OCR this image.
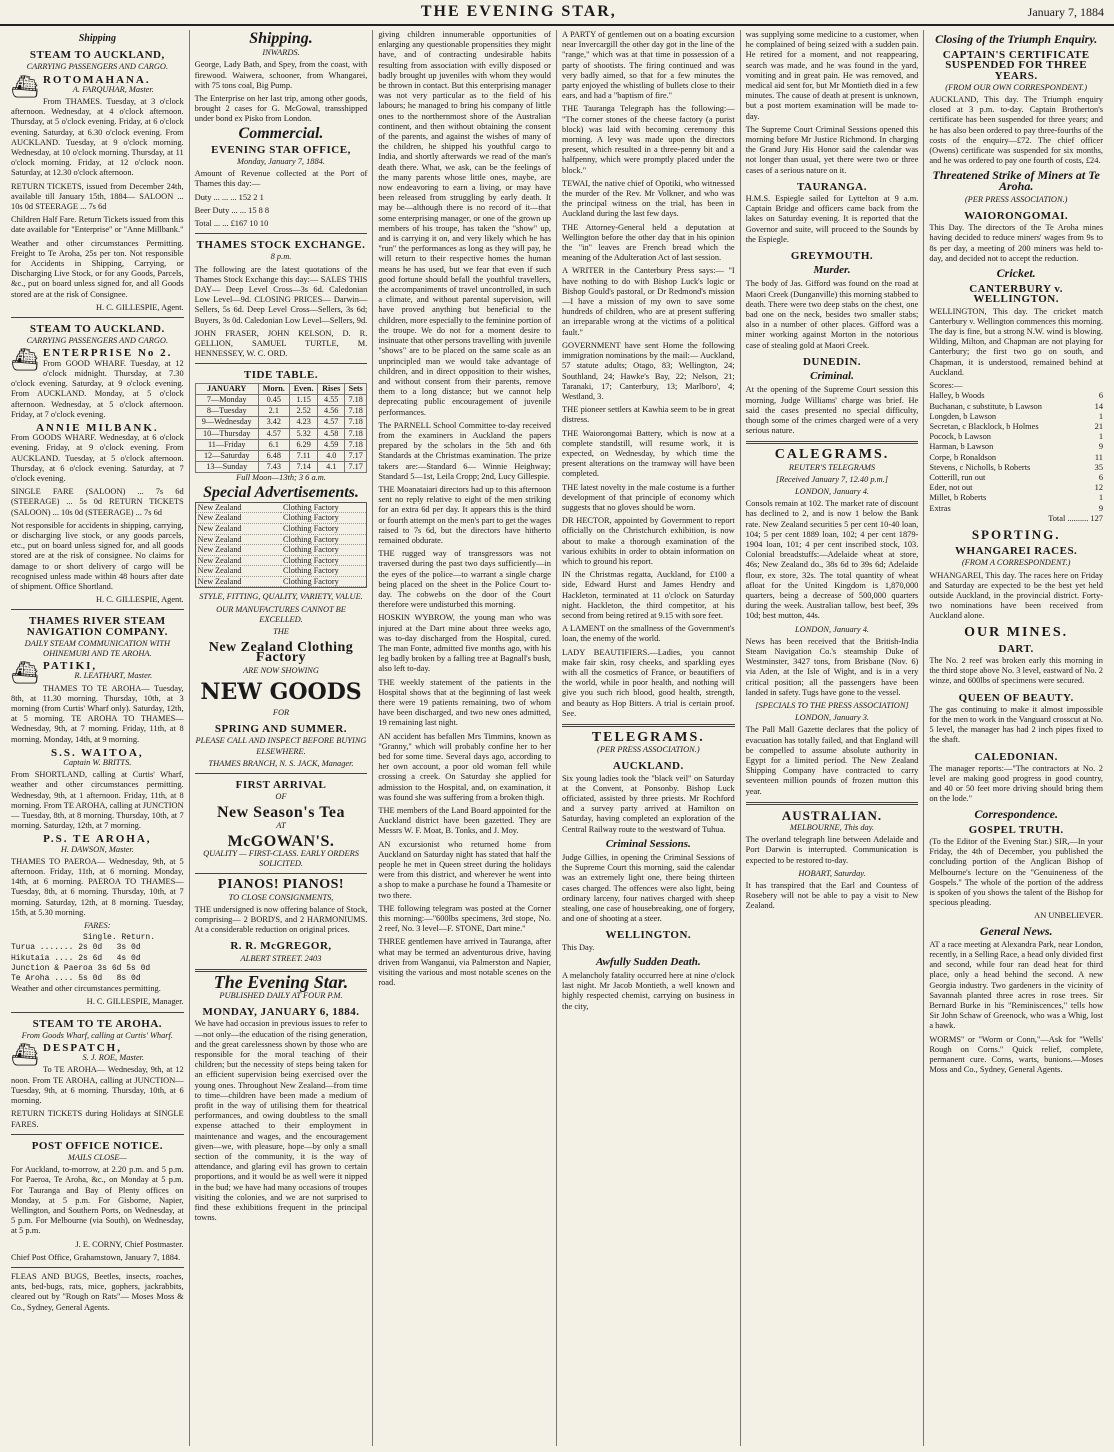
THE EVENING STAR,	January 7, 1884
Shipping
STEAM TO AUCKLAND,
CARRYING PASSENGERS AND CARGO.
⛴ ROTOMAHANA.
A. FARQUHAR, Master.

From THAMES. Tuesday, at 3 o'clock afternoon. Wednesday, at 4 o'clock afternoon. Thursday, at 5 o'clock evening. Friday, at 6 o'clock evening. Saturday, at 6.30 o'clock evening. From AUCKLAND. Tuesday, at 9 o'clock morning. Wednesday, at 10 o'clock morning. Thursday, at 11 o'clock morning. Friday, at 12 o'clock noon. Saturday, at 12.30 o'clock afternoon.

RETURN TICKETS, issued from December 24th, available till January 15th, 1884— SALOON ... 10s 0d STEERAGE ... 7s 6d

Children Half Fare. Return Tickets issued from this date available for "Enterprise" or "Anne Millbank."

Weather and other circumstances Permitting. Freight to Te Aroha, 25s per ton. Not responsible for Accidents in Shipping, Carrying, or Discharging Live Stock, or for any Goods, Parcels, &c., put on board unless signed for, and all Goods stored are at the risk of Consignee.

H. C. GILLESPIE, Agent.

STEAM TO AUCKLAND.
CARRYING PASSENGERS AND CARGO.
⛴ ENTERPRISE No 2.

From GOOD WHARF. Tuesday, at 12 o'clock midnight. Thursday, at 7.30 o'clock evening. Saturday, at 9 o'clock evening. From AUCKLAND. Monday, at 5 o'clock afternoon. Wednesday, at 5 o'clock afternoon. Friday, at 7 o'clock evening.

ANNIE MILBANK.

From GOODS WHARF. Wednesday, at 6 o'clock evening. Friday, at 9 o'clock evening. From AUCKLAND. Tuesday, at 5 o'clock afternoon. Thursday, at 6 o'clock evening. Saturday, at 7 o'clock evening.

SINGLE FARE (SALOON) ... 7s 6d (STEERAGE) ... 5s 0d RETURN TICKETS (SALOON) ... 10s 0d (STEERAGE) ... 7s 6d

Not responsible for accidents in shipping, carrying, or discharging live stock, or any goods parcels, etc., put on board unless signed for, and all goods stored are at the risk of consignee. No claims for damage to or short delivery of cargo will be recognised unless made within 48 hours after date of shipment. Office Shortland.

H. C. GILLESPIE, Agent.

THAMES RIVER STEAM NAVIGATION COMPANY.
DAILY STEAM COMMUNICATION WITH OHINEMURI AND TE AROHA.
⛴ PATIKI,
R. LEATHART, Master.

THAMES TO TE AROHA— Tuesday, 8th, at 11.30 morning. Thursday, 10th, at 3 morning (from Curtis' Wharf only). Saturday, 12th, at 5 morning. TE AROHA TO THAMES— Wednesday, 9th, at 7 morning. Friday, 11th, at 8 morning. Monday, 14th, at 9 morning.

S.S. WAITOA,
Captain W. BRITTS.

From SHORTLAND, calling at Curtis' Wharf, weather and other circumstances permitting. Wednesday, 9th, at 1 afternoon. Friday, 11th, at 8 morning. From TE AROHA, calling at JUNCTION— Tuesday, 8th, at 8 morning. Thursday, 10th, at 7 morning. Saturday, 12th, at 7 morning.

P.S. TE AROHA,
H. DAWSON, Master.

THAMES TO PAEROA— Wednesday, 9th, at 5 afternoon. Friday, 11th, at 6 morning. Monday, 14th, at 6 morning. PAEROA TO THAMES— Tuesday, 8th, at 6 morning. Thursday, 10th, at 7 morning. Saturday, 12th, at 8 morning. Tuesday, 15th, at 5.30 morning.

FARES:
Single. Return.
Turuа ....... 2s 0d   3s 0d
Hikutaia .... 2s 6d   4s 0d
Junction & Paeroa 3s 6d 5s 0d
Te Aroha .... 5s 0d   8s 0d

Weather and other circumstances permitting.

H. C. GILLESPIE, Manager.

STEAM TO TE AROHA.
From Goods Wharf, calling at Curtis' Wharf.
⛴ DESPATCH,
S. J. ROE, Master.

To TE AROHA— Wednesday, 9th, at 12 noon. From TE AROHA, calling at JUNCTION— Tuesday, 9th, at 6 morning. Thursday, 10th, at 6 morning.

RETURN TICKETS during Holidays at SINGLE FARES.

POST OFFICE NOTICE.
MAILS CLOSE—

For Auckland, to-morrow, at 2.20 p.m. and 5 p.m. For Paeroa, Te Aroha, &c., on Monday at 5 p.m. For Tauranga and Bay of Plenty offices on Monday, at 5 p.m. For Gisborne, Napier, Wellington, and Southern Ports, on Wednesday, at 5 p.m. For Melbourne (via South), on Wednesday, at 5 p.m.

J. E. CORNY, Chief Postmaster.

Chief Post Office, Grahamstown, January 7, 1884.

FLEAS AND BUGS, Beetles, insects, roaches, ants, bed-bugs, rats, mice, gophers, jackrabbits, cleared out by "Rough on Rats"— Moses Moss & Co., Sydney, General Agents.

Shipping.
INWARDS.

George, Lady Bath, and Spey, from the coast, with firewood. Waiwera, schooner, from Whangarei, with 75 tons coal, Big Pump.

The Enterprise on her last trip, among other goods, brought 2 cases for G. McGowal, transshipped under bond ex Pisko from London.

Commercial.
EVENING STAR OFFICE,
Monday, January 7, 1884.

Amount of Revenue collected at the Port of Thames this day:—

Duty ... ... ... 152 2 1

Beer Duty ... ... 15 8 8

Total ... ... £167 10 10

THAMES STOCK EXCHANGE.
8 p.m.

The following are the latest quotations of the Thames Stock Exchange this day:— SALES THIS DAY— Deep Level Cross—3s 6d. Caledonian Low Level—9d. CLOSING PRICES— Darwin—Sellers, 5s 6d. Deep Level Cross—Sellers, 3s 6d; Buyers, 3s 0d. Caledonian Low Level—Sellers, 9d.

JOHN FRASER, JOHN KELSON, D. R. GELLION, SAMUEL TURTLE, M. HENNESSEY, W. C. ORD.

TIDE TABLE.
JANUARY	Morn.	Even.	Rises	Sets
7—Monday	0.45	1.15	4.55	7.18
8—Tuesday	2.1	2.52	4.56	7.18
9—Wednesday	3.42	4.23	4.57	7.18
10—Thursday	4.57	5.32	4.58	7.18
11—Friday	6.1	6.29	4.59	7.18
12—Saturday	6.48	7.11	4.0	7.17
13—Sunday	7.43	7.14	4.1	7.17
Full Moon—13th; 3 6 a.m.
Special Advertisements.
New Zealand	Clothing Factory
New Zealand	Clothing Factory
New Zealand	Clothing Factory
New Zealand	Clothing Factory
New Zealand	Clothing Factory
New Zealand	Clothing Factory
New Zealand	Clothing Factory
New Zealand	Clothing Factory
STYLE, FITTING, QUALITY, VARIETY, VALUE.
OUR MANUFACTURES CANNOT BE EXCELLED.
THE
New Zealand Clothing Factory
ARE NOW SHOWING
NEW GOODS
FOR
SPRING AND SUMMER.
PLEASE CALL AND INSPECT BEFORE BUYING ELSEWHERE.
THAMES BRANCH, N. S. JACK, Manager.
FIRST ARRIVAL
OF
New Season's Tea
AT
McGOWAN'S.
QUALITY — FIRST-CLASS. EARLY ORDERS SOLICITED.
PIANOS! PIANOS!
TO CLOSE CONSIGNMENTS,

THE undersigned is now offering balance of Stock, comprising— 2 BORD'S, and 2 HARMONIUMS. At a considerable reduction on original prices.

R. R. McGREGOR,
ALBERT STREET. 2403
The Evening Star.
PUBLISHED DAILY AT FOUR P.M.
MONDAY, JANUARY 6, 1884.

We have had occasion in previous issues to refer to—not only—the education of the rising generation, and the great carelessness shown by those who are responsible for the moral teaching of their children; but the necessity of steps being taken for an efficient supervision being exercised over the young ones. Throughout New Zealand—from time to time—children have been made a medium of profit in the way of utilising them for theatrical performances, and owing doubtless to the small expense attached to their employment in maintenance and wages, and the encouragement given—we, with pleasure, hope—by only a small section of the community, it is the way of attendance, and glaring evil has grown to certain proportions, and it would be as well were it nipped in the bud; we have had many occasions of troupes visiting the colonies, and we are not surprised to find these exhibitions frequent in the principal towns.

giving children innumerable opportunities of enlarging any questionable propensities they might have, and of contracting undesirable habits resulting from association with evilly disposed or badly brought up juveniles with whom they would be thrown in contact. But this enterprising manager was not very particular as to the field of his labours; he managed to bring his company of little ones to the northernmost shore of the Australian continent, and then without obtaining the consent of the parents, and against the wishes of many of the children, he shipped his youthful cargo to India, and shortly afterwards we read of the man's death there. What, we ask, can be the feelings of the many parents whose little ones, maybe, are now endeavoring to earn a living, or may have been released from struggling by early death. It may be—although there is no record of it—that some enterprising manager, or one of the grown up members of his troupe, has taken the "show" up, and is carrying it on, and very likely which he has "run" the performances as long as they will pay, he will return to their respective homes the human means he has used, but we fear that even if such good fortune should befall the youthful travellers, the accompaniments of travel uncontrolled, in such a climate, and without parental supervision, will have proved anything but beneficial to the children, more especially to the feminine portion of the troupe. We do not for a moment desire to insinuate that other persons travelling with juvenile "shows" are to be placed on the same scale as an unprincipled man we would take advantage of children, and in direct opposition to their wishes, and without consent from their parents, remove them to a long distance; but we cannot help deprecating public encouragement of juvenile performances.

The PARNELL School Committee to-day received from the examiners in Auckland the papers prepared by the scholars in the 5th and 6th Standards at the Christmas examination. The prize takers are:—Standard 6— Winnie Heighway; Standard 5—1st, Leila Cropp; 2nd, Lucy Gillespie.

THE Moanataiari directors had up to this afternoon sent no reply relative to eight of the men striking for an extra 6d per day. It appears this is the third or fourth attempt on the men's part to get the wages raised to 7s 6d, but the directors have hitherto remained obdurate.

THE rugged way of transgressors was not traversed during the past two days sufficiently—in the eyes of the police—to warrant a single charge being placed on the sheet in the Police Court to-day. The cobwebs on the door of the Court therefore were undisturbed this morning.

HOSKIN WYBROW, the young man who was injured at the Dart mine about three weeks ago, was to-day discharged from the Hospital, cured. The man Fonte, admitted five months ago, with his leg badly broken by a falling tree at Bagnall's bush, also left to-day.

THE weekly statement of the patients in the Hospital shows that at the beginning of last week there were 19 patients remaining, two of whom have been discharged, and two new ones admitted, 19 remaining last night.

AN accident has befallen Mrs Timmins, known as "Granny," which will probably confine her to her bed for some time. Several days ago, according to her own account, a poor old woman fell while crossing a creek. On Saturday she applied for admission to the Hospital, and, on examination, it was found she was suffering from a broken thigh.

THE members of the Land Board appointed for the Auckland district have been gazetted. They are Messrs W. F. Moat, B. Tonks, and J. Moy.

AN excursionist who returned home from Auckland on Saturday night has stated that half the people he met in Queen street during the holidays were from this district, and wherever he went into a shop to make a purchase he found a Thamesite or two there.

THE following telegram was posted at the Corner this morning:—"600lbs specimens, 3rd stope, No. 2 reef, No. 3 level—F. STONE, Dart mine."

THREE gentlemen have arrived in Tauranga, after what may be termed an adventurous drive, having driven from Wanganui, via Palmerston and Napier, visiting the various and most notable scenes on the road.

A PARTY of gentlemen out on a boating excursion near Invercargill the other day got in the line of the "range," which was at that time in possession of a party of shootists. The firing continued and was very badly aimed, so that for a few minutes the party enjoyed the whistling of bullets close to their ears, and had a "baptism of fire."

THE Tauranga Telegraph has the following:— "The corner stones of the cheese factory (a purist block) was laid with becoming ceremony this morning. A levy was made upon the directors present, which resulted in a three-penny bit and a halfpenny, which were promptly placed under the block."

TEWAI, the native chief of Opotiki, who witnessed the murder of the Rev. Mr Volkner, and who was the principal witness on the trial, has been in Auckland during the last few days.

THE Attorney-General held a deputation at Wellington before the other day that in his opinion the "in" leaves are French bread which the meaning of the Adulteration Act of last session.

A WRITER in the Canterbury Press says:— "I have nothing to do with Bishop Luck's logic or Bishop Gould's pastoral, or Dr Redmond's mission—I have a mission of my own to save some hundreds of children, who are at present suffering an irreparable wrong at the victims of a political fault."

GOVERNMENT have sent Home the following immigration nominations by the mail:— Auckland, 57 statute adults; Otago, 83; Wellington, 24; Southland, 24; Hawke's Bay, 22; Nelson, 21; Taranaki, 17; Canterbury, 13; Marlboro', 4; Westland, 3.

THE pioneer settlers at Kawhia seem to be in great distress.

THE Waiorongomai Battery, which is now at a complete standstill, will resume work, it is expected, on Wednesday, by which time the present alterations on the tramway will have been completed.

THE latest novelty in the male costume is a further development of that principle of economy which suggests that no gloves should be worn.

DR HECTOR, appointed by Government to report officially on the Christchurch exhibition, is now about to make a thorough examination of the various exhibits in order to obtain information on which to ground his report.

IN the Christmas regatta, Auckland, for £100 a side, Edward Hurst and James Hendry and Hackleton, terminated at 11 o'clock on Saturday night. Hackleton, the third competitor, at his second from being retired at 9.15 with sore feet.

A LAMENT on the smallness of the Government's loan, the enemy of the world.

LADY BEAUTIFIERS.—Ladies, you cannot make fair skin, rosy cheeks, and sparkling eyes with all the cosmetics of France, or beautifiers of the world, while in poor health, and nothing will give you such rich blood, good health, strength, and beauty as Hop Bitters. A trial is certain proof. See.

TELEGRAMS.
(PER PRESS ASSOCIATION.)
AUCKLAND.

Six young ladies took the "black veil" on Saturday at the Convent, at Ponsonby. Bishop Luck officiated, assisted by three priests. Mr Rochford and a survey party arrived at Hamilton on Saturday, having completed an exploration of the Central Railway route to the westward of Tuhua.

Criminal Sessions.

Judge Gillies, in opening the Criminal Sessions of the Supreme Court this morning, said the calendar was an extremely light one, there being thirteen cases charged. The offences were also light, being ordinary larceny, four natives charged with sheep stealing, one case of housebreaking, one of forgery, and one of shooting at a steer.

WELLINGTON.

This Day.

Awfully Sudden Death.

A melancholy fatality occurred here at nine o'clock last night. Mr Jacob Montieth, a well known and highly respected chemist, carrying on business in the city,

was supplying some medicine to a customer, when he complained of being seized with a sudden pain. He retired for a moment, and not reappearing, search was made, and he was found in the yard, vomiting and in great pain. He was removed, and medical aid sent for, but Mr Montieth died in a few minutes. The cause of death at present is unknown, but a post mortem examination will be made to-day.

The Supreme Court Criminal Sessions opened this morning before Mr Justice Richmond. In charging the Grand Jury His Honor said the calendar was not longer than usual, yet there were two or three cases of a serious nature on it.

TAURANGA.

H.M.S. Espiegle sailed for Lyttelton at 9 a.m. Captain Bridge and officers came back from the lakes on Saturday evening. It is reported that the Governor and suite, will proceed to the Sounds by the Espiegle.

GREYMOUTH.
Murder.

The body of Jas. Gifford was found on the road at Maori Creek (Dunganville) this morning stabbed to death. There were two deep stabs on the chest, one bad one on the neck, besides two smaller stabs; also in a number of other places. Gifford was a miner working against Morton in the notorious case of stealing gold at Maori Creek.

DUNEDIN.
Criminal.

At the opening of the Supreme Court session this morning, Judge Williams' charge was brief. He said the cases presented no special difficulty, though some of the crimes charged were of a very serious nature.

CALEGRAMS.
REUTER'S TELEGRAMS
[Received January 7, 12.40 p.m.]
LONDON, January 4.

Consols remain at 102. The market rate of discount has declined to 2, and is now 1 below the Bank rate. New Zealand securities 5 per cent 10-40 loan, 104; 5 per cent 1889 loan, 102; 4 per cent 1879-1904 loan, 101; 4 per cent inscribed stock, 103. Colonial breadstuffs:—Adelaide wheat at store, 46s; New Zealand do., 38s 6d to 39s 6d; Adelaide flour, ex store, 32s. The total quantity of wheat afloat for the United Kingdom is 1,870,000 quarters, being a decrease of 500,000 quarters during the week. Australian tallow, best beef, 39s 10d; best mutton, 44s.

LONDON, January 4.

News has been received that the British-India Steam Navigation Co.'s steamship Duke of Westminster, 3427 tons, from Brisbane (Nov. 6) via Aden, at the Isle of Wight, and is in a very critical position; all the passengers have been landed in safety. Tugs have gone to the vessel.

[SPECIALS TO THE PRESS ASSOCIATION]
LONDON, January 3.

The Pall Mall Gazette declares that the policy of evacuation has totally failed, and that England will be compelled to assume absolute authority in Egypt for a limited period. The New Zealand Shipping Company have contracted to carry seventeen million pounds of frozen mutton this year.

AUSTRALIAN.
MELBOURNE, This day.

The overland telegraph line between Adelaide and Port Darwin is interrupted. Communication is expected to be restored to-day.

HOBART, Saturday.

It has transpired that the Earl and Countess of Rosebery will not be able to pay a visit to New Zealand.

Closing of the Triumph Enquiry.
CAPTAIN'S CERTIFICATE SUSPENDED FOR THREE YEARS.
(FROM OUR OWN CORRESPONDENT.)

AUCKLAND, This day. The Triumph enquiry closed at 3 p.m. to-day. Captain Brotherton's certificate has been suspended for three years; and he has also been ordered to pay three-fourths of the costs of the enquiry—£72. The chief officer (Owens) certificate was suspended for six months, and he was ordered to pay one fourth of costs, £24.

Threatened Strike of Miners at Te Aroha.
(PER PRESS ASSOCIATION.)
WAIORONGOMAI.

This Day. The directors of the Te Aroha mines having decided to reduce miners' wages from 9s to 8s per day, a meeting of 200 miners was held to-day, and decided not to accept the reduction.

Cricket.
CANTERBURY v. WELLINGTON.

WELLINGTON, This day. The cricket match Canterbury v. Wellington commences this morning. The day is fine, but a strong N.W. wind is blowing. Wilding, Milton, and Chapman are not playing for Canterbury; the first two go on south, and Chapman, it is understood, remained behind at Auckland.

Scores:—
Halley, b Woods	6
Buchanan, c substitute, b Lawson	14
Longden, b Lawson	1
Secretan, c Blacklock, b Holmes	21
Pocock, b Lawson	1
Harman, b Lawson	9
Corpe, b Ronaldson	11
Stevens, c Nicholls, b Roberts	35
Cotterill, run out	6
Eder, not out	12
Millet, b Roberts	1
Extras	9
Total .......... 127
SPORTING.
WHANGAREI RACES.
(FROM A CORRESPONDENT.)

WHANGAREI, This day. The races here on Friday and Saturday are expected to be the best yet held outside Auckland, in the provincial district. Forty-two nominations have been received from Auckland alone.

OUR MINES.
DART.

The No. 2 reef was broken early this morning in the third stope above No. 3 level, eastward of No. 2 winze, and 600lbs of specimens were secured.

QUEEN OF BEAUTY.

The gas continuing to make it almost impossible for the men to work in the Vanguard crosscut at No. 5 level, the manager has had 2 inch pipes fixed to the shaft.

CALEDONIAN.

The manager reports:—"The contractors at No. 2 level are making good progress in good country, and 40 or 50 feet more driving should bring them on the lode."

Correspondence.
GOSPEL TRUTH.

(To the Editor of the Evening Star.) SIR,—In your Friday, the 4th of December, you published the concluding portion of the Anglican Bishop of Melbourne's lecture on the "Genuineness of the Gospels." The whole of the portion of the address is spoken of you shows the talent of the Bishop for specious pleading.

AN UNBELIEVER.

General News.

AT a race meeting at Alexandra Park, near London, recently, in a Selling Race, a head only divided first and second, while four ran dead heat for third place, only a head behind the second. A new Georgia industry. Two gardeners in the vicinity of Savannah planted three acres in rose trees. Sir Bernard Burke in his "Reminiscences," tells how Sir John Schaw of Greenock, who was a Whig, lost a hawk.

WORMS" or "Worm or Conn,"—Ask for "Wells' Rough on Corns." Quick relief, complete, permanent cure. Corns, warts, bunions.—Moses Moss and Co., Sydney, General Agents.
